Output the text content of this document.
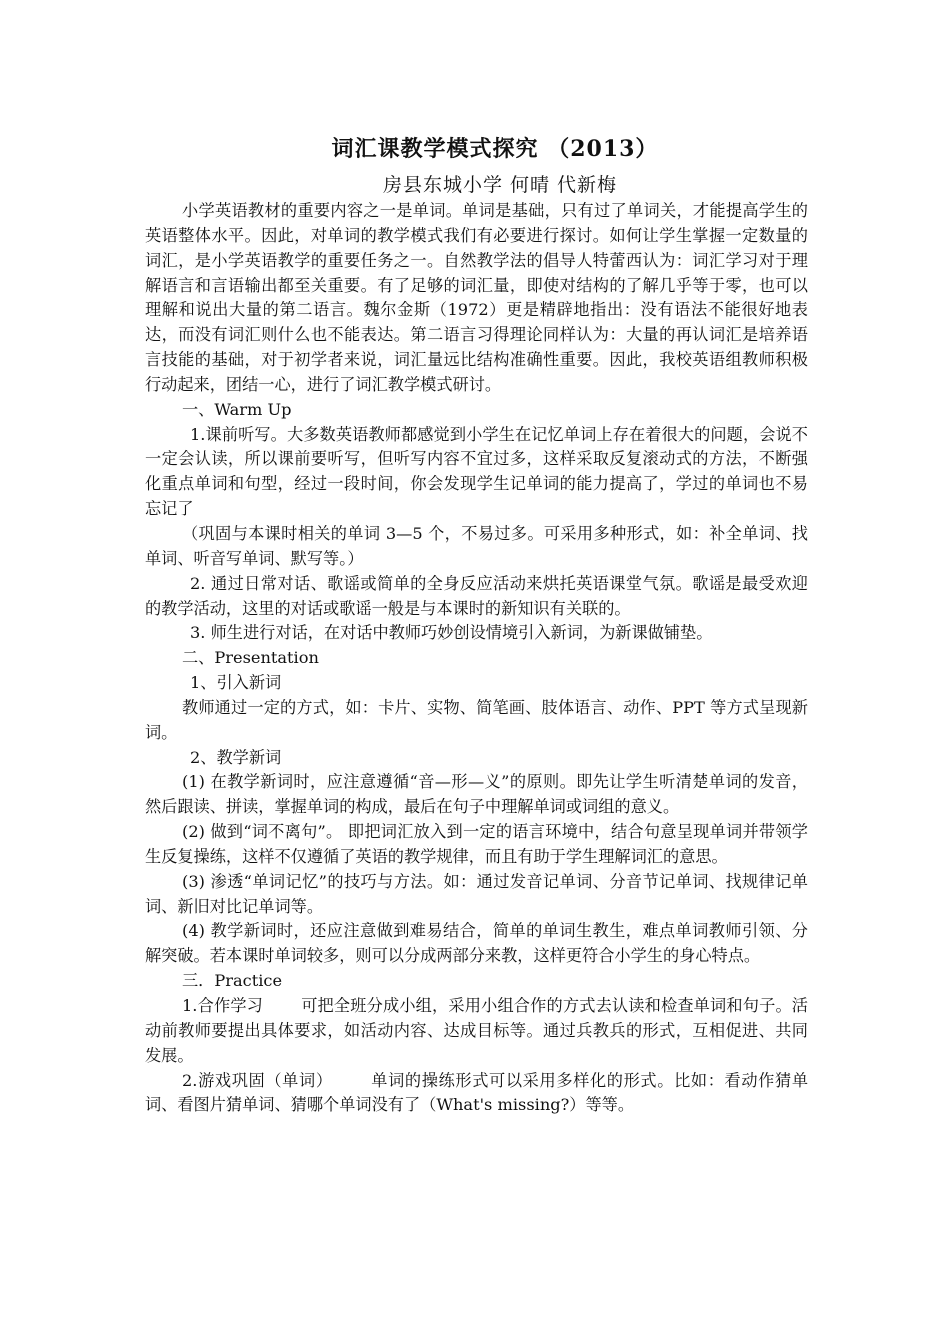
词汇课教学模式探究 （2013）
房县东城小学 何晴 代新梅

小学英语教材的重要内容之一是单词。单词是基础，只有过了单词关，才能提高学生的英语整体水平。因此，对单词的教学模式我们有必要进行探讨。如何让学生掌握一定数量的词汇，是小学英语教学的重要任务之一。自然教学法的倡导人特蕾西认为：词汇学习对于理解语言和言语输出都至关重要。有了足够的词汇量，即使对结构的了解几乎等于零，也可以理解和说出大量的第二语言。魏尔金斯（1972）更是精辟地指出：没有语法不能很好地表达，而没有词汇则什么也不能表达。第二语言习得理论同样认为：大量的再认词汇是培养语言技能的基础，对于初学者来说，词汇量远比结构准确性重要。因此，我校英语组教师积极行动起来，团结一心，进行了词汇教学模式研讨。

一、Warm Up

1.课前听写。大多数英语教师都感觉到小学生在记忆单词上存在着很大的问题，会说不一定会认读，所以课前要听写，但听写内容不宜过多，这样采取反复滚动式的方法，不断强化重点单词和句型，经过一段时间，你会发现学生记单词的能力提高了，学过的单词也不易忘记了

（巩固与本课时相关的单词 3—5 个，不易过多。可采用多种形式，如：补全单词、找单词、听音写单词、默写等。）

2. 通过日常对话、歌谣或简单的全身反应活动来烘托英语课堂气氛。歌谣是最受欢迎的教学活动，这里的对话或歌谣一般是与本课时的新知识有关联的。

3. 师生进行对话，在对话中教师巧妙创设情境引入新词，为新课做铺垫。

二、Presentation

1、引入新词

教师通过一定的方式，如：卡片、实物、简笔画、肢体语言、动作、PPT 等方式呈现新词。

2、教学新词

(1) 在教学新词时，应注意遵循“音—形—义”的原则。即先让学生听清楚单词的发音，然后跟读、拼读，掌握单词的构成，最后在句子中理解单词或词组的意义。

(2) 做到“词不离句”。 即把词汇放入到一定的语言环境中，结合句意呈现单词并带领学生反复操练，这样不仅遵循了英语的教学规律，而且有助于学生理解词汇的意思。

(3) 渗透“单词记忆”的技巧与方法。如：通过发音记单词、分音节记单词、找规律记单词、新旧对比记单词等。

(4) 教学新词时，还应注意做到难易结合，简单的单词生教生，难点单词教师引领、分解突破。若本课时单词较多，则可以分成两部分来教，这样更符合小学生的身心特点。

三．Practice

1.合作学习 可把全班分成小组，采用小组合作的方式去认读和检查单词和句子。活动前教师要提出具体要求，如活动内容、达成目标等。通过兵教兵的形式，互相促进、共同发展。

2.游戏巩固（单词） 单词的操练形式可以采用多样化的形式。比如：看动作猜单词、看图片猜单词、猜哪个单词没有了（What's missing?）等等。
